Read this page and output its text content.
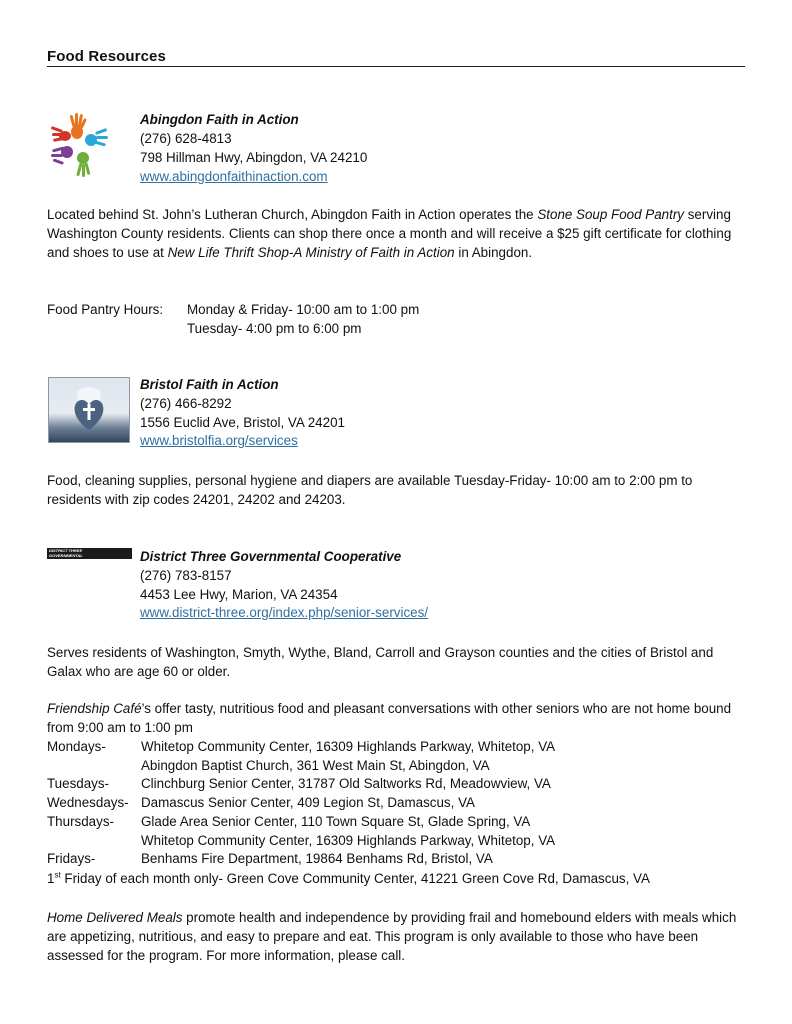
Food Resources
Abingdon Faith in Action
(276) 628-4813
798 Hillman Hwy, Abingdon, VA 24210
www.abingdonfaithinaction.com
Located behind St. John’s Lutheran Church, Abingdon Faith in Action operates the Stone Soup Food Pantry serving Washington County residents. Clients can shop there once a month and will receive a $25 gift certificate for clothing and shoes to use at New Life Thrift Shop-A Ministry of Faith in Action in Abingdon.
Food Pantry Hours: Monday & Friday- 10:00 am to 1:00 pm
Tuesday- 4:00 pm to 6:00 pm
Bristol Faith in Action
(276) 466-8292
1556 Euclid Ave, Bristol, VA 24201
www.bristolfia.org/services
Food, cleaning supplies, personal hygiene and diapers are available Tuesday-Friday- 10:00 am to 2:00 pm to residents with zip codes 24201, 24202 and 24203.
DISTRICT THREE GOVERNMENTAL COOPERATIVE	District Three Governmental Cooperative
(276) 783-8157
4453 Lee Hwy, Marion, VA 24354
www.district-three.org/index.php/senior-services/
Serves residents of Washington, Smyth, Wythe, Bland, Carroll and Grayson counties and the cities of Bristol and Galax who are age 60 or older.
Friendship Café’s offer tasty, nutritious food and pleasant conversations with other seniors who are not home bound from 9:00 am to 1:00 pm
Mondays-	Whitetop Community Center, 16309 Highlands Parkway, Whitetop, VA
Abingdon Baptist Church, 361 West Main St, Abingdon, VA
Tuesdays- Clinchburg Senior Center, 31787 Old Saltworks Rd, Meadowview, VA
Wednesdays- Damascus Senior Center, 409 Legion St, Damascus, VA
Thursdays- Glade Area Senior Center, 110 Town Square St, Glade Spring, VA
Whitetop Community Center, 16309 Highlands Parkway, Whitetop, VA
Fridays-	Benhams Fire Department, 19864 Benhams Rd, Bristol, VA
1st Friday of each month only- Green Cove Community Center, 41221 Green Cove Rd, Damascus, VA
Home Delivered Meals promote health and independence by providing frail and homebound elders with meals which are appetizing, nutritious, and easy to prepare and eat. This program is only available to those who have been assessed for the program. For more information, please call.
